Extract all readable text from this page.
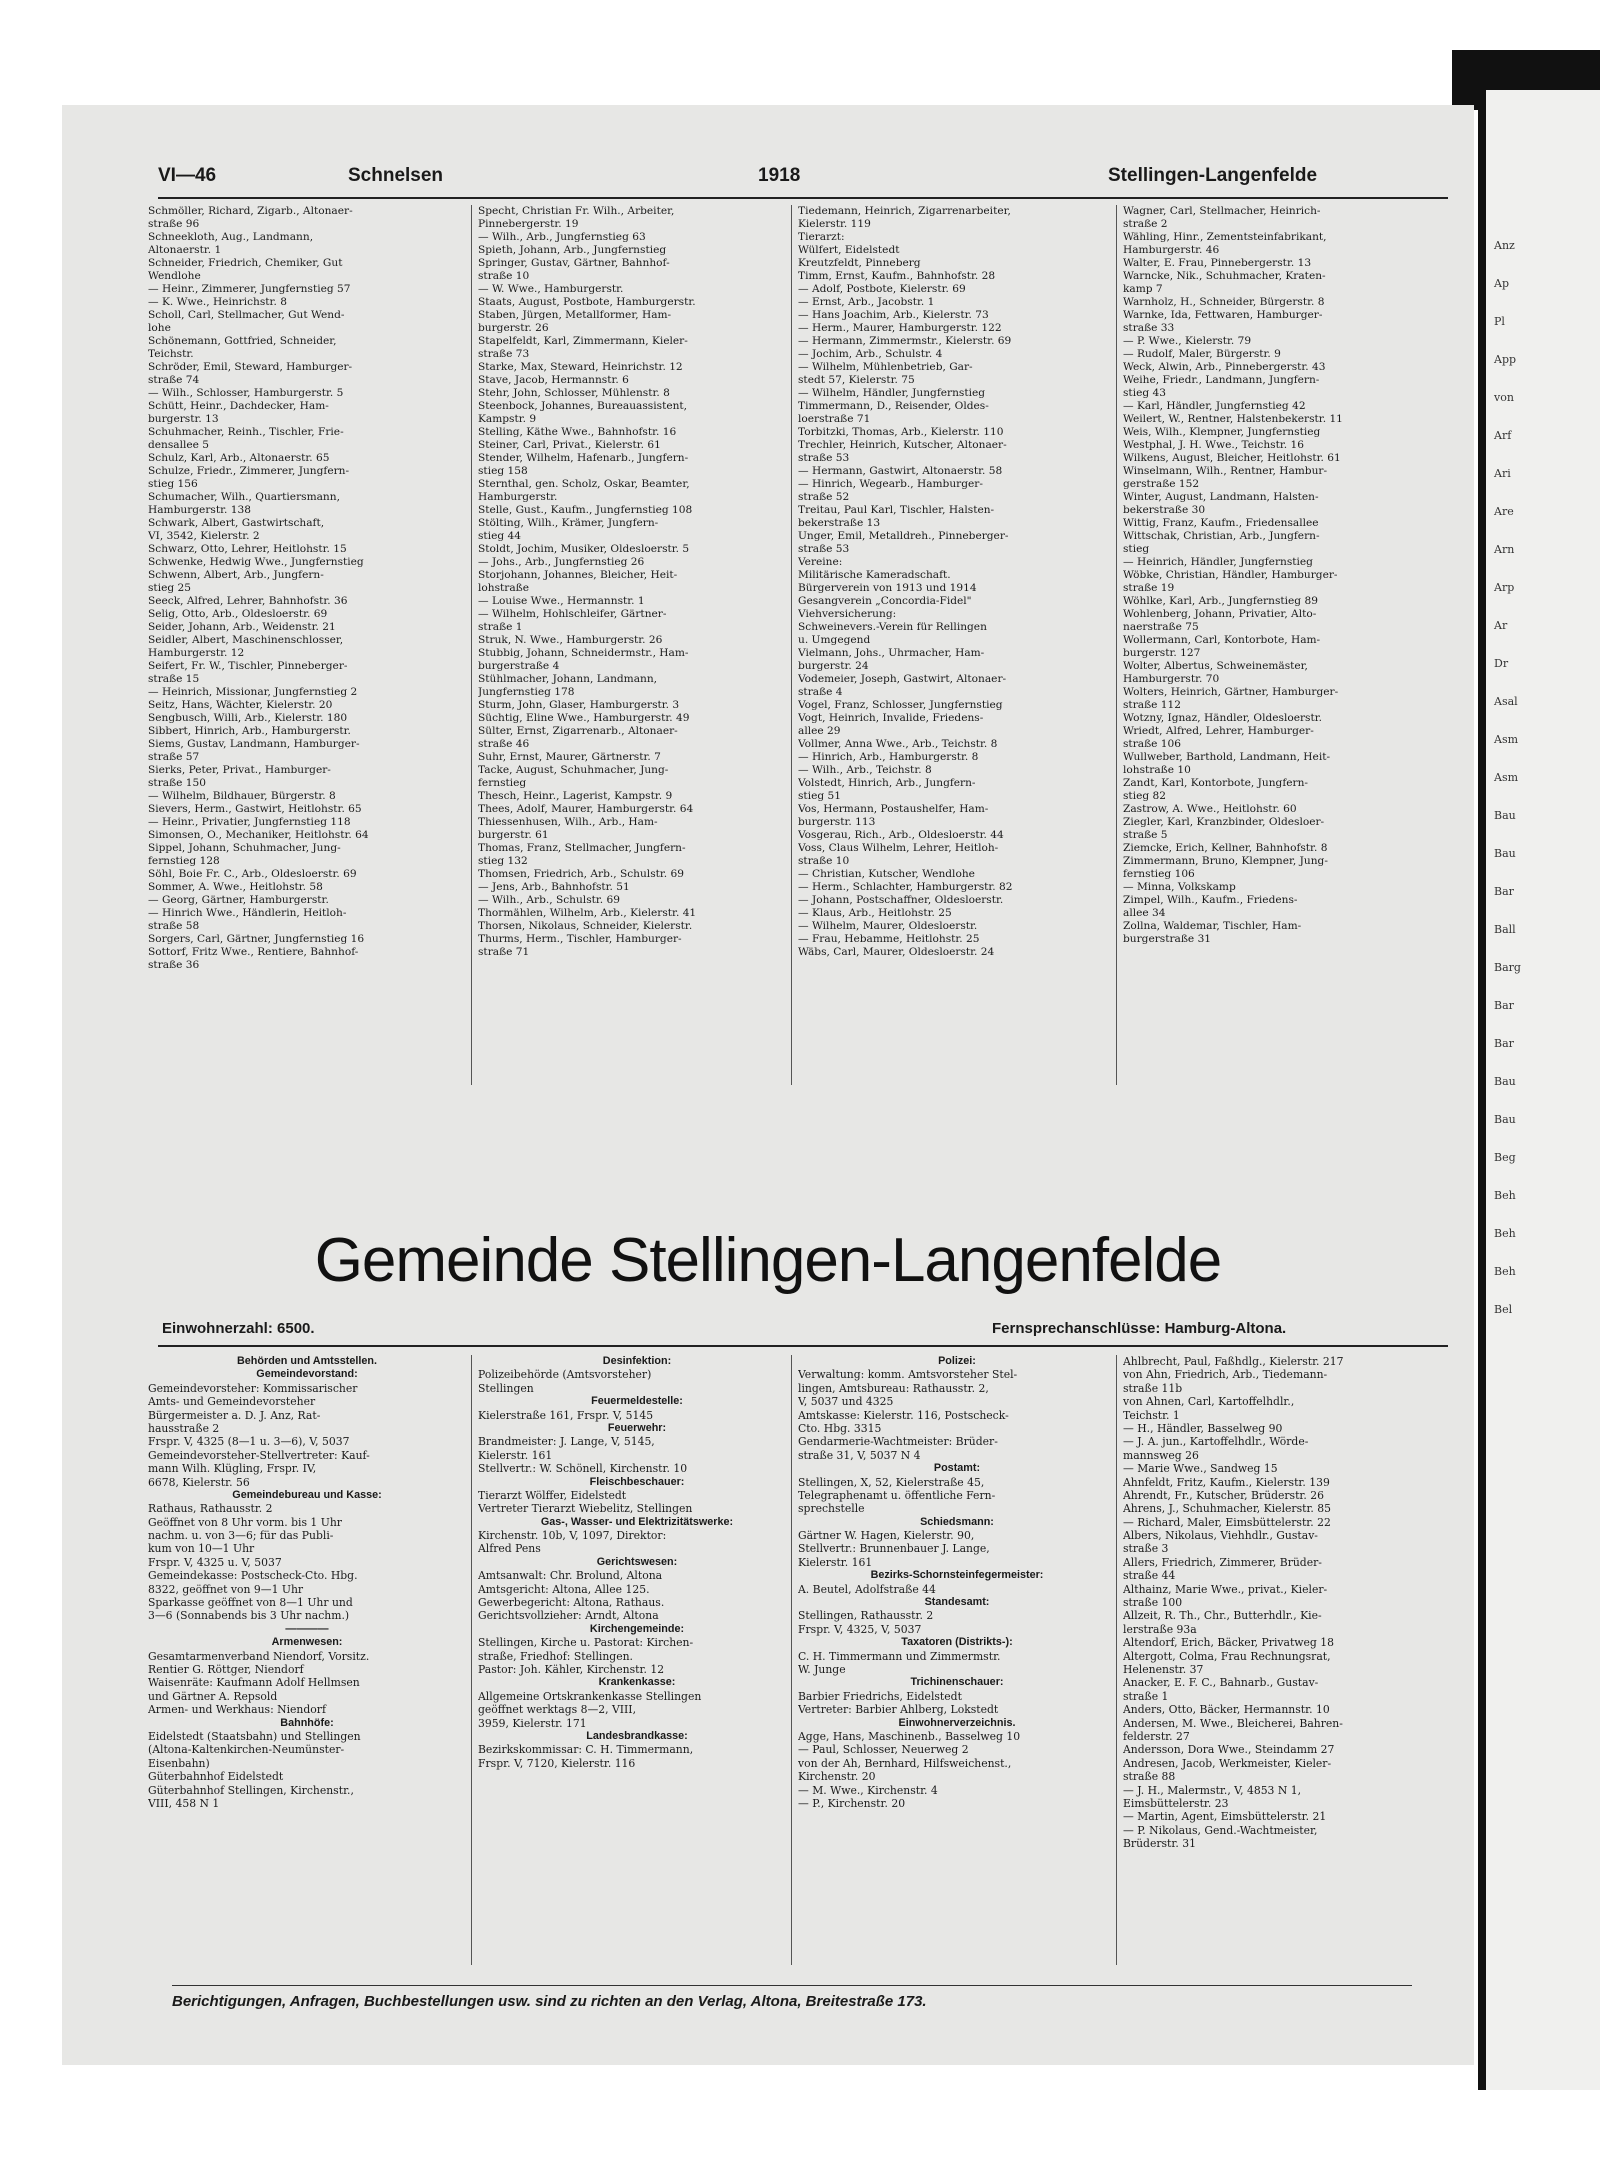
Anz
Ap
Pl
App
von
Arf
Ari
Are
Arn
Arp
Ar
Dr
Asal
Asm
Asm
Bau
Bau
Bar
Ball
Barg
Bar
Bar
Bau
Bau
Beg
Beh
Beh
Beh
Bel
VI—46	Schnelsen	1918	Stellingen-Langenfelde
Schmöller, Richard, Zigarb., Altonaer-
straße 96
Schneekloth, Aug., Landmann,
Altonaerstr. 1
Schneider, Friedrich, Chemiker, Gut
Wendlohe
— Heinr., Zimmerer, Jungfernstieg 57
— K. Wwe., Heinrichstr. 8
Scholl, Carl, Stellmacher, Gut Wend-
lohe
Schönemann, Gottfried, Schneider,
Teichstr.
Schröder, Emil, Steward, Hamburger-
straße 74
— Wilh., Schlosser, Hamburgerstr. 5
Schütt, Heinr., Dachdecker, Ham-
burgerstr. 13
Schuhmacher, Reinh., Tischler, Frie-
densallee 5
Schulz, Karl, Arb., Altonaerstr. 65
Schulze, Friedr., Zimmerer, Jungfern-
stieg 156
Schumacher, Wilh., Quartiersmann,
Hamburgerstr. 138
Schwark, Albert, Gastwirtschaft,
VI, 3542, Kielerstr. 2
Schwarz, Otto, Lehrer, Heitlohstr. 15
Schwenke, Hedwig Wwe., Jungfernstieg
Schwenn, Albert, Arb., Jungfern-
stieg 25
Seeck, Alfred, Lehrer, Bahnhofstr. 36
Selig, Otto, Arb., Oldesloerstr. 69
Seider, Johann, Arb., Weidenstr. 21
Seidler, Albert, Maschinenschlosser,
Hamburgerstr. 12
Seifert, Fr. W., Tischler, Pinneberger-
straße 15
— Heinrich, Missionar, Jungfernstieg 2
Seitz, Hans, Wächter, Kielerstr. 20
Sengbusch, Willi, Arb., Kielerstr. 180
Sibbert, Hinrich, Arb., Hamburgerstr.
Siems, Gustav, Landmann, Hamburger-
straße 57
Sierks, Peter, Privat., Hamburger-
straße 150
— Wilhelm, Bildhauer, Bürgerstr. 8
Sievers, Herm., Gastwirt, Heitlohstr. 65
— Heinr., Privatier, Jungfernstieg 118
Simonsen, O., Mechaniker, Heitlohstr. 64
Sippel, Johann, Schuhmacher, Jung-
fernstieg 128
Söhl, Boie Fr. C., Arb., Oldesloerstr. 69
Sommer, A. Wwe., Heitlohstr. 58
— Georg, Gärtner, Hamburgerstr.
— Hinrich Wwe., Händlerin, Heitloh-
straße 58
Sorgers, Carl, Gärtner, Jungfernstieg 16
Sottorf, Fritz Wwe., Rentiere, Bahnhof-
straße 36
Specht, Christian Fr. Wilh., Arbeiter,
Pinnebergerstr. 19
— Wilh., Arb., Jungfernstieg 63
Spieth, Johann, Arb., Jungfernstieg
Springer, Gustav, Gärtner, Bahnhof-
straße 10
— W. Wwe., Hamburgerstr.
Staats, August, Postbote, Hamburgerstr.
Staben, Jürgen, Metallformer, Ham-
burgerstr. 26
Stapelfeldt, Karl, Zimmermann, Kieler-
straße 73
Starke, Max, Steward, Heinrichstr. 12
Stave, Jacob, Hermannstr. 6
Stehr, John, Schlosser, Mühlenstr. 8
Steenbock, Johannes, Bureauassistent,
Kampstr. 9
Stelling, Käthe Wwe., Bahnhofstr. 16
Steiner, Carl, Privat., Kielerstr. 61
Stender, Wilhelm, Hafenarb., Jungfern-
stieg 158
Sternthal, gen. Scholz, Oskar, Beamter,
Hamburgerstr.
Stelle, Gust., Kaufm., Jungfernstieg 108
Stölting, Wilh., Krämer, Jungfern-
stieg 44
Stoldt, Jochim, Musiker, Oldesloerstr. 5
— Johs., Arb., Jungfernstieg 26
Storjohann, Johannes, Bleicher, Heit-
lohstraße
— Louise Wwe., Hermannstr. 1
— Wilhelm, Hohlschleifer, Gärtner-
straße 1
Struk, N. Wwe., Hamburgerstr. 26
Stubbig, Johann, Schneidermstr., Ham-
burgerstraße 4
Stühlmacher, Johann, Landmann,
Jungfernstieg 178
Sturm, John, Glaser, Hamburgerstr. 3
Süchtig, Eline Wwe., Hamburgerstr. 49
Sülter, Ernst, Zigarrenarb., Altonaer-
straße 46
Suhr, Ernst, Maurer, Gärtnerstr. 7
Tacke, August, Schuhmacher, Jung-
fernstieg
Thesch, Heinr., Lagerist, Kampstr. 9
Thees, Adolf, Maurer, Hamburgerstr. 64
Thiessenhusen, Wilh., Arb., Ham-
burgerstr. 61
Thomas, Franz, Stellmacher, Jungfern-
stieg 132
Thomsen, Friedrich, Arb., Schulstr. 69
— Jens, Arb., Bahnhofstr. 51
— Wilh., Arb., Schulstr. 69
Thormählen, Wilhelm, Arb., Kielerstr. 41
Thorsen, Nikolaus, Schneider, Kielerstr.
Thurms, Herm., Tischler, Hamburger-
straße 71
Tiedemann, Heinrich, Zigarrenarbeiter,
Kielerstr. 119
Tierarzt:
Wülfert, Eidelstedt
Kreutzfeldt, Pinneberg
Timm, Ernst, Kaufm., Bahnhofstr. 28
— Adolf, Postbote, Kielerstr. 69
— Ernst, Arb., Jacobstr. 1
— Hans Joachim, Arb., Kielerstr. 73
— Herm., Maurer, Hamburgerstr. 122
— Hermann, Zimmermstr., Kielerstr. 69
— Jochim, Arb., Schulstr. 4
— Wilhelm, Mühlenbetrieb, Gar-
stedt 57, Kielerstr. 75
— Wilhelm, Händler, Jungfernstieg
Timmermann, D., Reisender, Oldes-
loerstraße 71
Torbitzki, Thomas, Arb., Kielerstr. 110
Trechler, Heinrich, Kutscher, Altonaer-
straße 53
— Hermann, Gastwirt, Altonaerstr. 58
— Hinrich, Wegearb., Hamburger-
straße 52
Treitau, Paul Karl, Tischler, Halsten-
bekerstraße 13
Unger, Emil, Metalldreh., Pinneberger-
straße 53
Vereine:
Militärische Kameradschaft.
Bürgerverein von 1913 und 1914
Gesangverein „Concordia-Fidel"
Viehversicherung:
Schweinevers.-Verein für Rellingen
u. Umgegend
Vielmann, Johs., Uhrmacher, Ham-
burgerstr. 24
Vodemeier, Joseph, Gastwirt, Altonaer-
straße 4
Vogel, Franz, Schlosser, Jungfernstieg
Vogt, Heinrich, Invalide, Friedens-
allee 29
Vollmer, Anna Wwe., Arb., Teichstr. 8
— Hinrich, Arb., Hamburgerstr. 8
— Wilh., Arb., Teichstr. 8
Volstedt, Hinrich, Arb., Jungfern-
stieg 51
Vos, Hermann, Postaushelfer, Ham-
burgerstr. 113
Vosgerau, Rich., Arb., Oldesloerstr. 44
Voss, Claus Wilhelm, Lehrer, Heitloh-
straße 10
— Christian, Kutscher, Wendlohe
— Herm., Schlachter, Hamburgerstr. 82
— Johann, Postschaffner, Oldesloerstr.
— Klaus, Arb., Heitlohstr. 25
— Wilhelm, Maurer, Oldesloerstr.
— Frau, Hebamme, Heitlohstr. 25
Wäbs, Carl, Maurer, Oldesloerstr. 24
Wagner, Carl, Stellmacher, Heinrich-
straße 2
Wähling, Hinr., Zementsteinfabrikant,
Hamburgerstr. 46
Walter, E. Frau, Pinnebergerstr. 13
Warncke, Nik., Schuhmacher, Kraten-
kamp 7
Warnholz, H., Schneider, Bürgerstr. 8
Warnke, Ida, Fettwaren, Hamburger-
straße 33
— P. Wwe., Kielerstr. 79
— Rudolf, Maler, Bürgerstr. 9
Weck, Alwin, Arb., Pinnebergerstr. 43
Weihe, Friedr., Landmann, Jungfern-
stieg 43
— Karl, Händler, Jungfernstieg 42
Weilert, W., Rentner, Halstenbekerstr. 11
Weis, Wilh., Klempner, Jungfernstieg
Westphal, J. H. Wwe., Teichstr. 16
Wilkens, August, Bleicher, Heitlohstr. 61
Winselmann, Wilh., Rentner, Hambur-
gerstraße 152
Winter, August, Landmann, Halsten-
bekerstraße 30
Wittig, Franz, Kaufm., Friedensallee
Wittschak, Christian, Arb., Jungfern-
stieg
— Heinrich, Händler, Jungfernstieg
Wöbke, Christian, Händler, Hamburger-
straße 19
Wöhlke, Karl, Arb., Jungfernstieg 89
Wohlenberg, Johann, Privatier, Alto-
naerstraße 75
Wollermann, Carl, Kontorbote, Ham-
burgerstr. 127
Wolter, Albertus, Schweinemäster,
Hamburgerstr. 70
Wolters, Heinrich, Gärtner, Hamburger-
straße 112
Wotzny, Ignaz, Händler, Oldesloerstr.
Wriedt, Alfred, Lehrer, Hamburger-
straße 106
Wullweber, Barthold, Landmann, Heit-
lohstraße 10
Zandt, Karl, Kontorbote, Jungfern-
stieg 82
Zastrow, A. Wwe., Heitlohstr. 60
Ziegler, Karl, Kranzbinder, Oldesloer-
straße 5
Ziemcke, Erich, Kellner, Bahnhofstr. 8
Zimmermann, Bruno, Klempner, Jung-
fernstieg 106
— Minna, Volkskamp
Zimpel, Wilh., Kaufm., Friedens-
allee 34
Zollna, Waldemar, Tischler, Ham-
burgerstraße 31
Gemeinde Stellingen-Langenfelde
Einwohnerzahl: 6500.	Fernsprechanschlüsse: Hamburg-Altona.
Behörden und Amtsstellen.
Gemeindevorstand:
Gemeindevorsteher: Kommissarischer
Amts- und Gemeindevorsteher
Bürgermeister a. D. J. Anz, Rat-
hausstraße 2
Frspr. V, 4325 (8—1 u. 3—6), V, 5037
Gemeindevorsteher-Stellvertreter: Kauf-
mann Wilh. Klügling, Frspr. IV,
6678, Kielerstr. 56
Gemeindebureau und Kasse:
Rathaus, Rathausstr. 2
Geöffnet von 8 Uhr vorm. bis 1 Uhr
nachm. u. von 3—6; für das Publi-
kum von 10—1 Uhr
Frspr. V, 4325 u. V, 5037
Gemeindekasse: Postscheck-Cto. Hbg.
8322, geöffnet von 9—1 Uhr
Sparkasse geöffnet von 8—1 Uhr und
3—6 (Sonnabends bis 3 Uhr nachm.)
————
Armenwesen:
Gesamtarmenverband Niendorf, Vorsitz.
Rentier G. Röttger, Niendorf
Waisenräte: Kaufmann Adolf Hellmsen
und Gärtner A. Repsold
Armen- und Werkhaus: Niendorf
Bahnhöfe:
Eidelstedt (Staatsbahn) und Stellingen
(Altona-Kaltenkirchen-Neumünster-
Eisenbahn)
Güterbahnhof Eidelstedt
Güterbahnhof Stellingen, Kirchenstr.,
VIII, 458 N 1
Desinfektion:
Polizeibehörde (Amtsvorsteher)
Stellingen
Feuermeldestelle:
Kielerstraße 161, Frspr. V, 5145
Feuerwehr:
Brandmeister: J. Lange, V, 5145,
Kielerstr. 161
Stellvertr.: W. Schönell, Kirchenstr. 10
Fleischbeschauer:
Tierarzt Wölffer, Eidelstedt
Vertreter Tierarzt Wiebelitz, Stellingen
Gas-, Wasser- und Elektrizitätswerke:
Kirchenstr. 10b, V, 1097, Direktor:
Alfred Pens
Gerichtswesen:
Amtsanwalt: Chr. Brolund, Altona
Amtsgericht: Altona, Allee 125.
Gewerbegericht: Altona, Rathaus.
Gerichtsvollzieher: Arndt, Altona
Kirchengemeinde:
Stellingen, Kirche u. Pastorat: Kirchen-
straße, Friedhof: Stellingen.
Pastor: Joh. Kähler, Kirchenstr. 12
Krankenkasse:
Allgemeine Ortskrankenkasse Stellingen
geöffnet werktags 8—2, VIII,
3959, Kielerstr. 171
Landesbrandkasse:
Bezirkskommissar: C. H. Timmermann,
Frspr. V, 7120, Kielerstr. 116
Polizei:
Verwaltung: komm. Amtsvorsteher Stel-
lingen, Amtsbureau: Rathausstr. 2,
V, 5037 und 4325
Amtskasse: Kielerstr. 116, Postscheck-
Cto. Hbg. 3315
Gendarmerie-Wachtmeister: Brüder-
straße 31, V, 5037 N 4
Postamt:
Stellingen, X, 52, Kielerstraße 45,
Telegraphenamt u. öffentliche Fern-
sprechstelle
Schiedsmann:
Gärtner W. Hagen, Kielerstr. 90,
Stellvertr.: Brunnenbauer J. Lange,
Kielerstr. 161
Bezirks-Schornsteinfegermeister:
A. Beutel, Adolfstraße 44
Standesamt:
Stellingen, Rathausstr. 2
Frspr. V, 4325, V, 5037
Taxatoren (Distrikts-):
C. H. Timmermann und Zimmermstr.
W. Junge
Trichinenschauer:
Barbier Friedrichs, Eidelstedt
Vertreter: Barbier Ahlberg, Lokstedt
Einwohnerverzeichnis.
Agge, Hans, Maschinenb., Basselweg 10
— Paul, Schlosser, Neuerweg 2
von der Ah, Bernhard, Hilfsweichenst.,
Kirchenstr. 20
— M. Wwe., Kirchenstr. 4
— P., Kirchenstr. 20
Ahlbrecht, Paul, Faßhdlg., Kielerstr. 217
von Ahn, Friedrich, Arb., Tiedemann-
straße 11b
von Ahnen, Carl, Kartoffelhdlr.,
Teichstr. 1
— H., Händler, Basselweg 90
— J. A. jun., Kartoffelhdlr., Wörde-
mannsweg 26
— Marie Wwe., Sandweg 15
Ahnfeldt, Fritz, Kaufm., Kielerstr. 139
Ahrendt, Fr., Kutscher, Brüderstr. 26
Ahrens, J., Schuhmacher, Kielerstr. 85
— Richard, Maler, Eimsbüttelerstr. 22
Albers, Nikolaus, Viehhdlr., Gustav-
straße 3
Allers, Friedrich, Zimmerer, Brüder-
straße 44
Althainz, Marie Wwe., privat., Kieler-
straße 100
Allzeit, R. Th., Chr., Butterhdlr., Kie-
lerstraße 93a
Altendorf, Erich, Bäcker, Privatweg 18
Altergott, Colma, Frau Rechnungsrat,
Helenenstr. 37
Anacker, E. F. C., Bahnarb., Gustav-
straße 1
Anders, Otto, Bäcker, Hermannstr. 10
Andersen, M. Wwe., Bleicherei, Bahren-
felderstr. 27
Andersson, Dora Wwe., Steindamm 27
Andresen, Jacob, Werkmeister, Kieler-
straße 88
— J. H., Malermstr., V, 4853 N 1,
Eimsbüttelerstr. 23
— Martin, Agent, Eimsbüttelerstr. 21
— P. Nikolaus, Gend.-Wachtmeister,
Brüderstr. 31
Berichtigungen, Anfragen, Buchbestellungen usw. sind zu richten an den Verlag, Altona, Breitestraße 173.
